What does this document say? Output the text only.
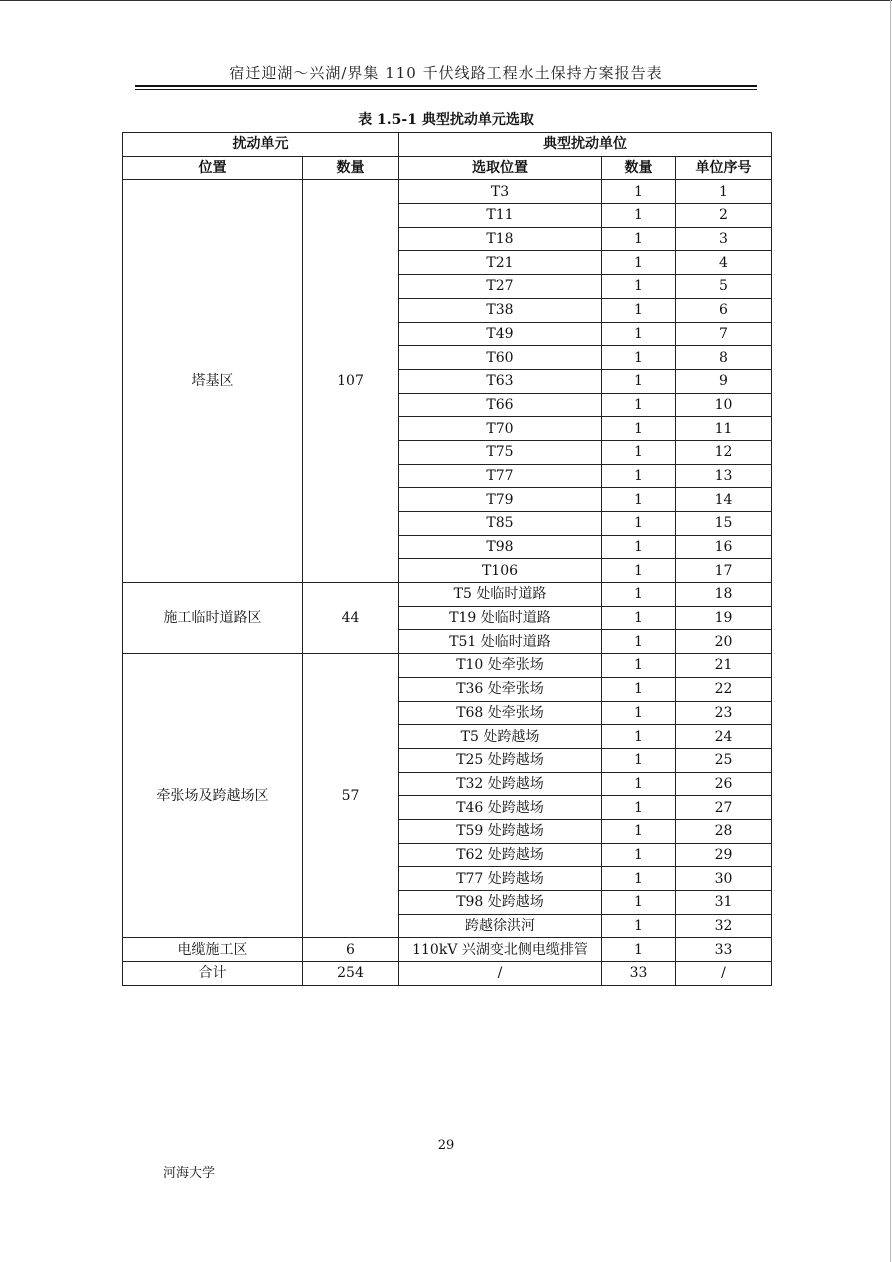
宿迁迎湖～兴湖/界集 110 千伏线路工程水土保持方案报告表
表 1.5-1 典型扰动单元选取
扰动单元		典型扰动单位		
位置	数量	选取位置	数量	单位序号
塔基区	107	T3	1	1
		T11	1	2
		T18	1	3
		T21	1	4
		T27	1	5
		T38	1	6
		T49	1	7
		T60	1	8
		T63	1	9
		T66	1	10
		T70	1	11
		T75	1	12
		T77	1	13
		T79	1	14
		T85	1	15
		T98	1	16
		T106	1	17
施工临时道路区	44	T5 处临时道路	1	18
		T19 处临时道路	1	19
		T51 处临时道路	1	20
牵张场及跨越场区	57	T10 处牵张场	1	21
		T36 处牵张场	1	22
		T68 处牵张场	1	23
		T5 处跨越场	1	24
		T25 处跨越场	1	25
		T32 处跨越场	1	26
		T46 处跨越场	1	27
		T59 处跨越场	1	28
		T62 处跨越场	1	29
		T77 处跨越场	1	30
		T98 处跨越场	1	31
		跨越徐洪河	1	32
电缆施工区	6	110kV 兴湖变北侧电缆排管	1	33
合计	254	/	33	/
29
河海大学
